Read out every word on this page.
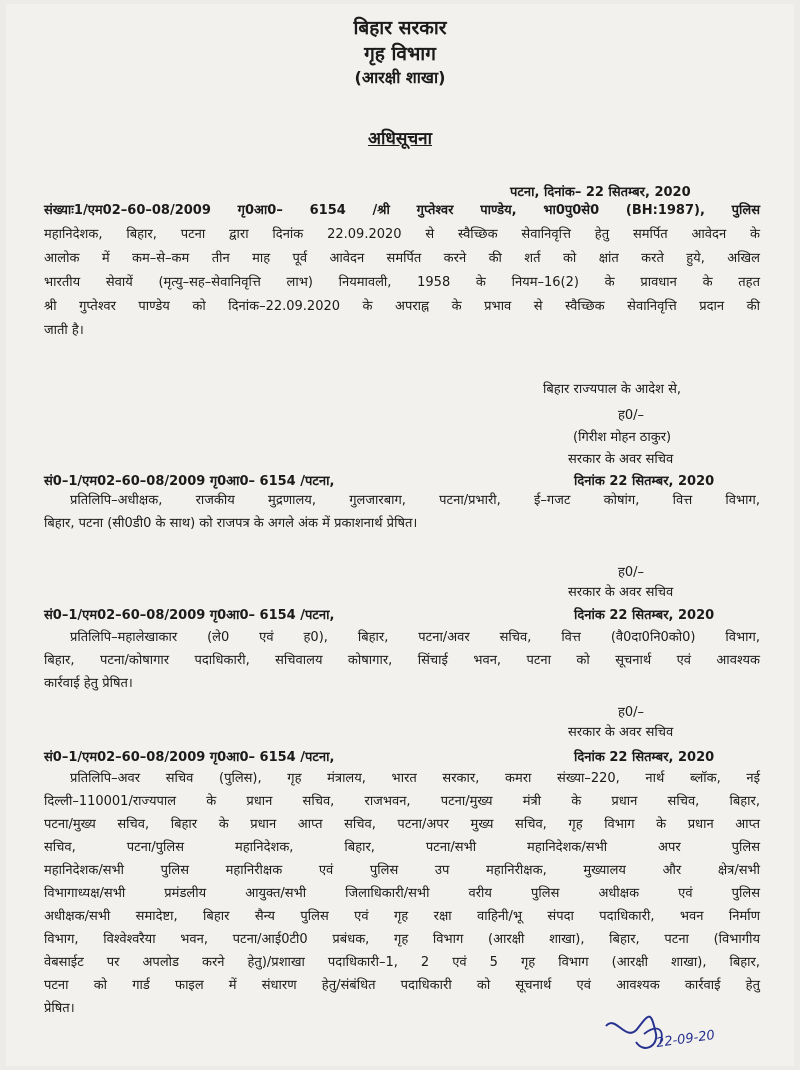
बिहार सरकार
गृह विभाग
(आरक्षी शाखा)
अधिसूचना
पटना, दिनांक– 22 सितम्बर, 2020
संख्याः1/एम02–60–08/2009 गृ0आ0– 6154 /श्री गुप्तेश्वर पाण्डेय, भा0पु0से0 (BH:1987), पुलिस
महानिदेशक, बिहार, पटना द्वारा दिनांक 22.09.2020 से स्वैच्छिक सेवानिवृत्ति हेतु समर्पित आवेदन के
आलोक में कम–से–कम तीन माह पूर्व आवेदन समर्पित करने की शर्त को क्षांत करते हुये, अखिल
भारतीय सेवायें (मृत्यु–सह–सेवानिवृत्ति लाभ) नियमावली, 1958 के नियम–16(2) के प्रावधान के तहत
श्री गुप्तेश्वर पाण्डेय को दिनांक–22.09.2020 के अपराह्न के प्रभाव से स्वैच्छिक सेवानिवृत्ति प्रदान की
जाती है।
बिहार राज्यपाल के आदेश से,
ह0/–
(गिरीश मोहन ठाकुर)
सरकार के अवर सचिव
सं0–1/एम02–60–08/2009 गृ0आ0– 6154 /पटना,	दिनांक 22 सितम्बर, 2020
प्रतिलिपि–अधीक्षक, राजकीय मुद्रणालय, गुलजारबाग, पटना/प्रभारी, ई–गजट कोषांग, वित्त विभाग,
बिहार, पटना (सी0डी0 के साथ) को राजपत्र के अगले अंक में प्रकाशनार्थ प्रेषित।
ह0/–
सरकार के अवर सचिव
सं0–1/एम02–60–08/2009 गृ0आ0– 6154 /पटना,	दिनांक 22 सितम्बर, 2020
प्रतिलिपि–महालेखाकार (ले0 एवं ह0), बिहार, पटना/अवर सचिव, वित्त (वै0दा0नि0को0) विभाग,
बिहार, पटना/कोषागार पदाधिकारी, सचिवालय कोषागार, सिंचाई भवन, पटना को सूचनार्थ एवं आवश्यक
कार्रवाई हेतु प्रेषित।
ह0/–
सरकार के अवर सचिव
सं0–1/एम02–60–08/2009 गृ0आ0– 6154 /पटना,	दिनांक 22 सितम्बर, 2020
प्रतिलिपि–अवर सचिव (पुलिस), गृह मंत्रालय, भारत सरकार, कमरा संख्या–220, नार्थ ब्लॉक, नई
दिल्ली–110001/राज्यपाल के प्रधान सचिव, राजभवन, पटना/मुख्य मंत्री के प्रधान सचिव, बिहार,
पटना/मुख्य सचिव, बिहार के प्रधान आप्त सचिव, पटना/अपर मुख्य सचिव, गृह विभाग के प्रधान आप्त
सचिव, पटना/पुलिस महानिदेशक, बिहार, पटना/सभी महानिदेशक/सभी अपर पुलिस
महानिदेशक/सभी पुलिस महानिरीक्षक एवं पुलिस उप महानिरीक्षक, मुख्यालय और क्षेत्र/सभी
विभागाध्यक्ष/सभी प्रमंडलीय आयुक्त/सभी जिलाधिकारी/सभी वरीय पुलिस अधीक्षक एवं पुलिस
अधीक्षक/सभी समादेष्टा, बिहार सैन्य पुलिस एवं गृह रक्षा वाहिनी/भू संपदा पदाधिकारी, भवन निर्माण
विभाग, विश्वेश्वरैया भवन, पटना/आई0टी0 प्रबंधक, गृह विभाग (आरक्षी शाखा), बिहार, पटना (विभागीय
वेबसाईट पर अपलोड करने हेतु)/प्रशाखा पदाधिकारी–1, 2 एवं 5 गृह विभाग (आरक्षी शाखा), बिहार,
पटना को गार्ड फाइल में संधारण हेतु/संबंधित पदाधिकारी को सूचनार्थ एवं आवश्यक कार्रवाई हेतु
प्रेषित।
22-09-20
